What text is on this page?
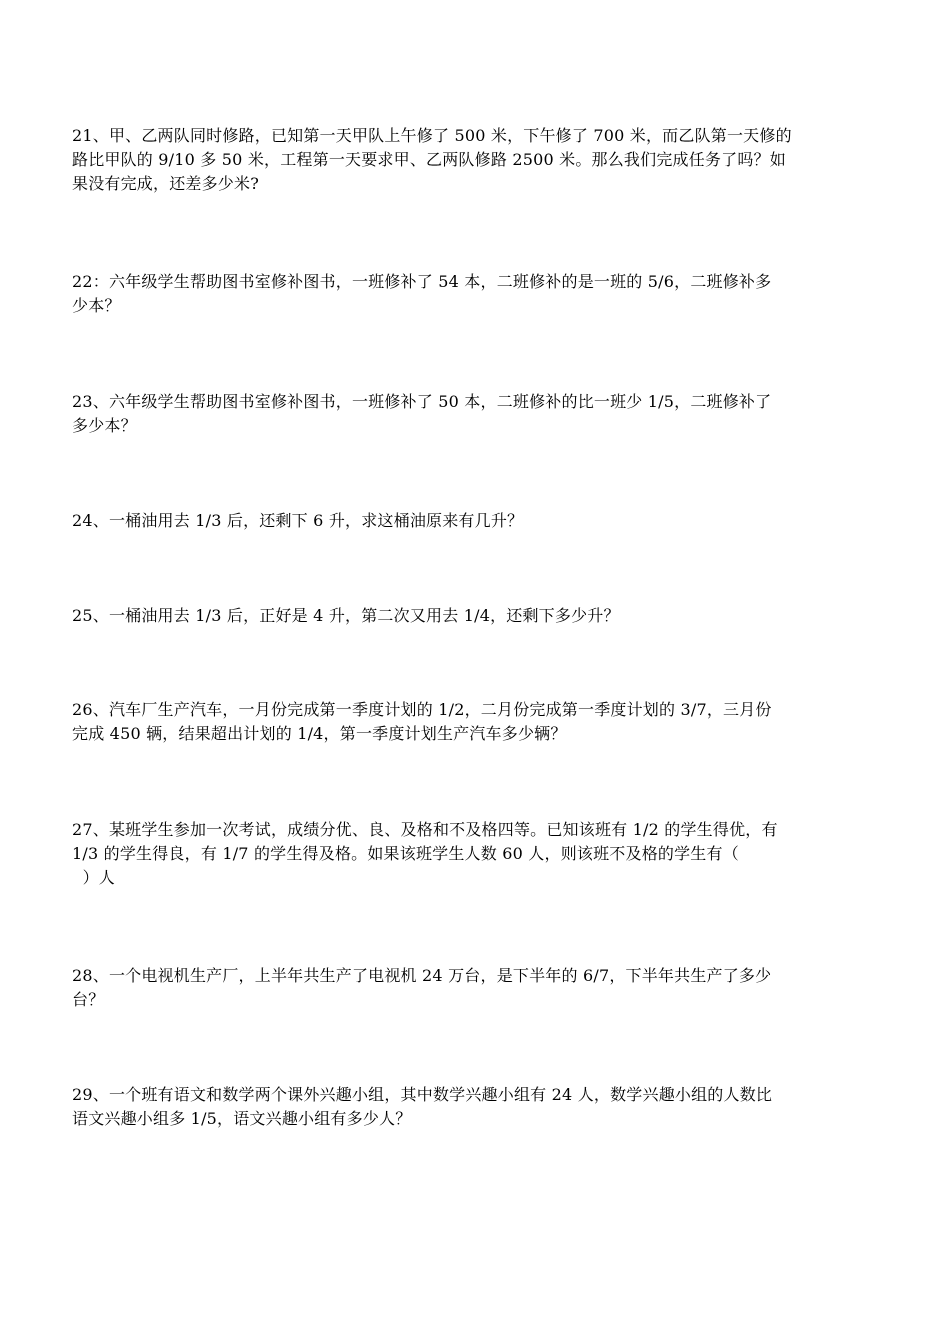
21、甲、乙两队同时修路，已知第一天甲队上午修了 500 米，下午修了 700 米，而乙队第一天修的
路比甲队的 9/10 多 50 米，工程第一天要求甲、乙两队修路 2500 米。那么我们完成任务了吗？如
果没有完成，还差多少米?
22：六年级学生帮助图书室修补图书，一班修补了 54 本，二班修补的是一班的 5/6，二班修补多
少本？
23、六年级学生帮助图书室修补图书，一班修补了 50 本，二班修补的比一班少 1/5，二班修补了
多少本？
24、一桶油用去 1/3 后，还剩下 6 升，求这桶油原来有几升？
25、一桶油用去 1/3 后，正好是 4 升，第二次又用去 1/4，还剩下多少升？
26、汽车厂生产汽车，一月份完成第一季度计划的 1/2，二月份完成第一季度计划的 3/7，三月份
完成 450 辆，结果超出计划的 1/4，第一季度计划生产汽车多少辆？
27、某班学生参加一次考试，成绩分优、良、及格和不及格四等。已知该班有 1/2 的学生得优，有
1/3 的学生得良，有 1/7 的学生得及格。如果该班学生人数 60 人，则该班不及格的学生有（
）人
28、一个电视机生产厂，上半年共生产了电视机 24 万台，是下半年的 6/7，下半年共生产了多少
台？
29、一个班有语文和数学两个课外兴趣小组，其中数学兴趣小组有 24 人，数学兴趣小组的人数比
语文兴趣小组多 1/5，语文兴趣小组有多少人？
